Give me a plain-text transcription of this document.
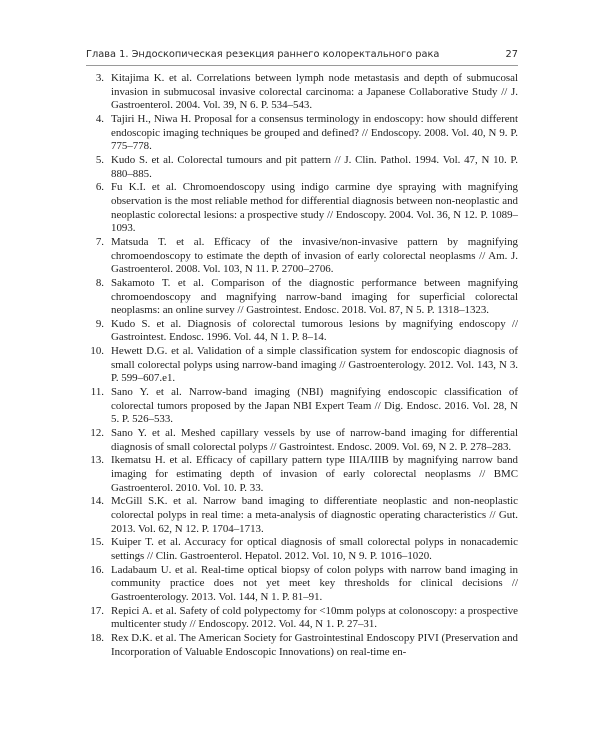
Глава 1. Эндоскопическая резекция раннего колоректального рака	27
3. Kitajima K. et al. Correlations between lymph node metastasis and depth of submucosal invasion in submucosal invasive colorectal carcinoma: a Japanese Collaborative Study // J. Gastroenterol. 2004. Vol. 39, N 6. P. 534–543.
4. Tajiri H., Niwa H. Proposal for a consensus terminology in endoscopy: how should different endoscopic imaging techniques be grouped and defined? // Endoscopy. 2008. Vol. 40, N 9. P. 775–778.
5. Kudo S. et al. Colorectal tumours and pit pattern // J. Clin. Pathol. 1994. Vol. 47, N 10. P. 880–885.
6. Fu K.I. et al. Chromoendoscopy using indigo carmine dye spraying with magnifying observation is the most reliable method for differential diagnosis between non-neoplastic and neoplastic colorectal lesions: a prospective study // Endoscopy. 2004. Vol. 36, N 12. P. 1089–1093.
7. Matsuda T. et al. Efficacy of the invasive/non-invasive pattern by magnifying chromoendoscopy to estimate the depth of invasion of early colorectal neoplasms // Am. J. Gastroenterol. 2008. Vol. 103, N 11. P. 2700–2706.
8. Sakamoto T. et al. Comparison of the diagnostic performance between magnifying chromoendoscopy and magnifying narrow-band imaging for superficial colorectal neoplasms: an online survey // Gastrointest. Endosc. 2018. Vol. 87, N 5. P. 1318–1323.
9. Kudo S. et al. Diagnosis of colorectal tumorous lesions by magnifying endoscopy // Gastrointest. Endosc. 1996. Vol. 44, N 1. P. 8–14.
10. Hewett D.G. et al. Validation of a simple classification system for endoscopic diagnosis of small colorectal polyps using narrow-band imaging // Gastroenterology. 2012. Vol. 143, N 3. P. 599–607.e1.
11. Sano Y. et al. Narrow-band imaging (NBI) magnifying endoscopic classification of colorectal tumors proposed by the Japan NBI Expert Team // Dig. Endosc. 2016. Vol. 28, N 5. P. 526–533.
12. Sano Y. et al. Meshed capillary vessels by use of narrow-band imaging for differential diagnosis of small colorectal polyps // Gastrointest. Endosc. 2009. Vol. 69, N 2. P. 278–283.
13. Ikematsu H. et al. Efficacy of capillary pattern type IIIA/IIIB by magnifying narrow band imaging for estimating depth of invasion of early colorectal neoplasms // BMC Gastroenterol. 2010. Vol. 10. P. 33.
14. McGill S.K. et al. Narrow band imaging to differentiate neoplastic and non-neoplastic colorectal polyps in real time: a meta-analysis of diagnostic operating characteristics // Gut. 2013. Vol. 62, N 12. P. 1704–1713.
15. Kuiper T. et al. Accuracy for optical diagnosis of small colorectal polyps in nonacademic settings // Clin. Gastroenterol. Hepatol. 2012. Vol. 10, N 9. P. 1016–1020.
16. Ladabaum U. et al. Real-time optical biopsy of colon polyps with narrow band imaging in community practice does not yet meet key thresholds for clinical decisions // Gastroenterology. 2013. Vol. 144, N 1. P. 81–91.
17. Repici A. et al. Safety of cold polypectomy for <10mm polyps at colonoscopy: a prospective multicenter study // Endoscopy. 2012. Vol. 44, N 1. P. 27–31.
18. Rex D.K. et al. The American Society for Gastrointestinal Endoscopy PIVI (Preservation and Incorporation of Valuable Endoscopic Innovations) on real-time en-
